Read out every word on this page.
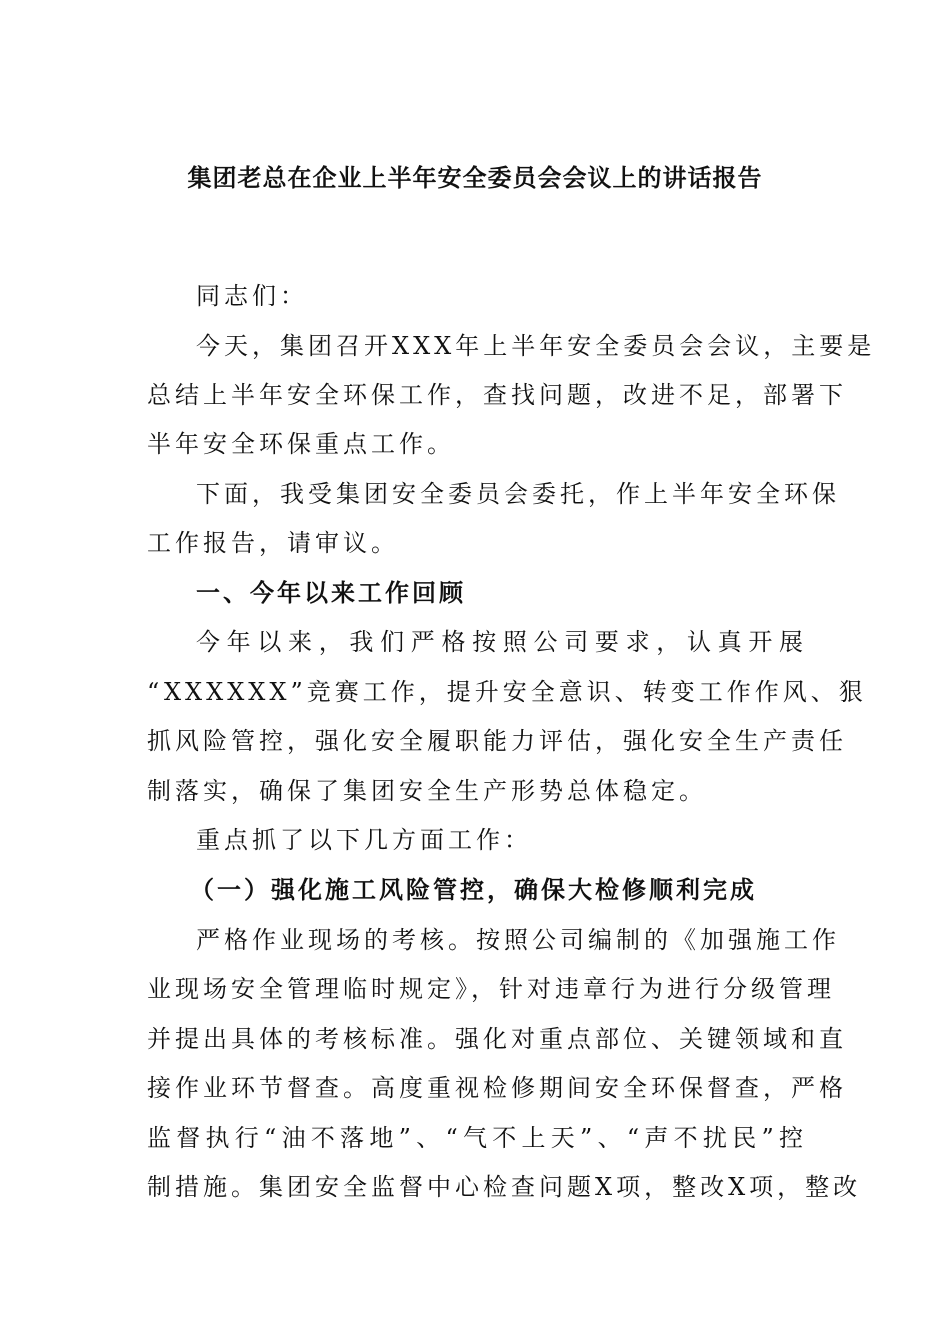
集团老总在企业上半年安全委员会会议上的讲话报告
同志们：
今天，集团召开XXX年上半年安全委员会会议，主要是
总结上半年安全环保工作，查找问题，改进不足，部署下
半年安全环保重点工作。
下面，我受集团安全委员会委托，作上半年安全环保
工作报告，请审议。
一、今年以来工作回顾
今年以来，我们严格按照公司要求，认真开展
“XXXXXX”竞赛工作，提升安全意识、转变工作作风、狠
抓风险管控，强化安全履职能力评估，强化安全生产责任
制落实，确保了集团安全生产形势总体稳定。
重点抓了以下几方面工作：
（一）强化施工风险管控，确保大检修顺利完成
严格作业现场的考核。按照公司编制的《加强施工作
业现场安全管理临时规定》，针对违章行为进行分级管理
并提出具体的考核标准。强化对重点部位、关键领域和直
接作业环节督查。高度重视检修期间安全环保督查，严格
监督执行“油不落地”、“气不上天”、“声不扰民”控
制措施。集团安全监督中心检查问题X项，整改X项，整改
